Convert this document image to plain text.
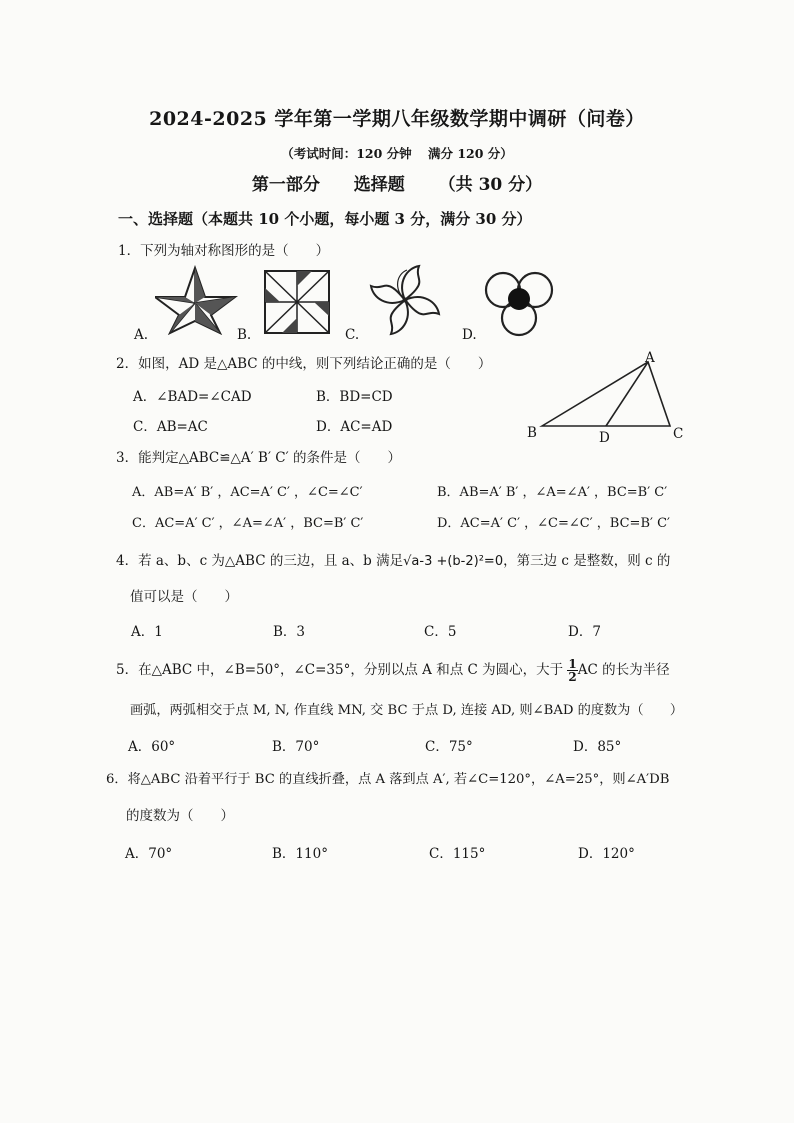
2024-2025 学年第一学期八年级数学期中调研（问卷）
（考试时间：120 分钟 满分 120 分）
第一部分 选择题 （共 30 分）
一、选择题（本题共 10 个小题，每小题 3 分，满分 30 分）
1．下列为轴对称图形的是（　　）
A.	B.	C.	D.
2．如图，AD 是△ABC 的中线，则下列结论正确的是（　　）
A．∠BAD=∠CAD	B．BD=CD
C．AB=AC	D．AC=AD
A
B	D	C
3．能判定△ABC≌△A′ B′ C′ 的条件是（　　）
A．AB=A′ B′ ，AC=A′ C′ ，∠C=∠C′	B．AB=A′ B′ ，∠A=∠A′ ，BC=B′ C′
C．AC=A′ C′ ，∠A=∠A′ ，BC=B′ C′	D．AC=A′ C′ ，∠C=∠C′ ，BC=B′ C′
4．若 a、b、c 为△ABC 的三边，且 a、b 满足√a-3 +(b-2)²=0，第三边 c 是整数，则 c 的
值可以是（　　）
A．1	B．3	C．5	D．7
5．在△ABC 中，∠B=50°，∠C=35°，分别以点 A 和点 C 为圆心，大于 $\frac{1}{2}$ AC 的长为半径
画弧，两弧相交于点 M, N, 作直线 MN, 交 BC 于点 D, 连接 AD, 则∠BAD 的度数为（　　）
A．60°	B．70°	C．75°	D．85°
6．将△ABC 沿着平行于 BC 的直线折叠，点 A 落到点 A′, 若∠C=120°，∠A=25°，则∠A′DB
的度数为（　　）
A．70°	B．110°	C．115°	D．120°
